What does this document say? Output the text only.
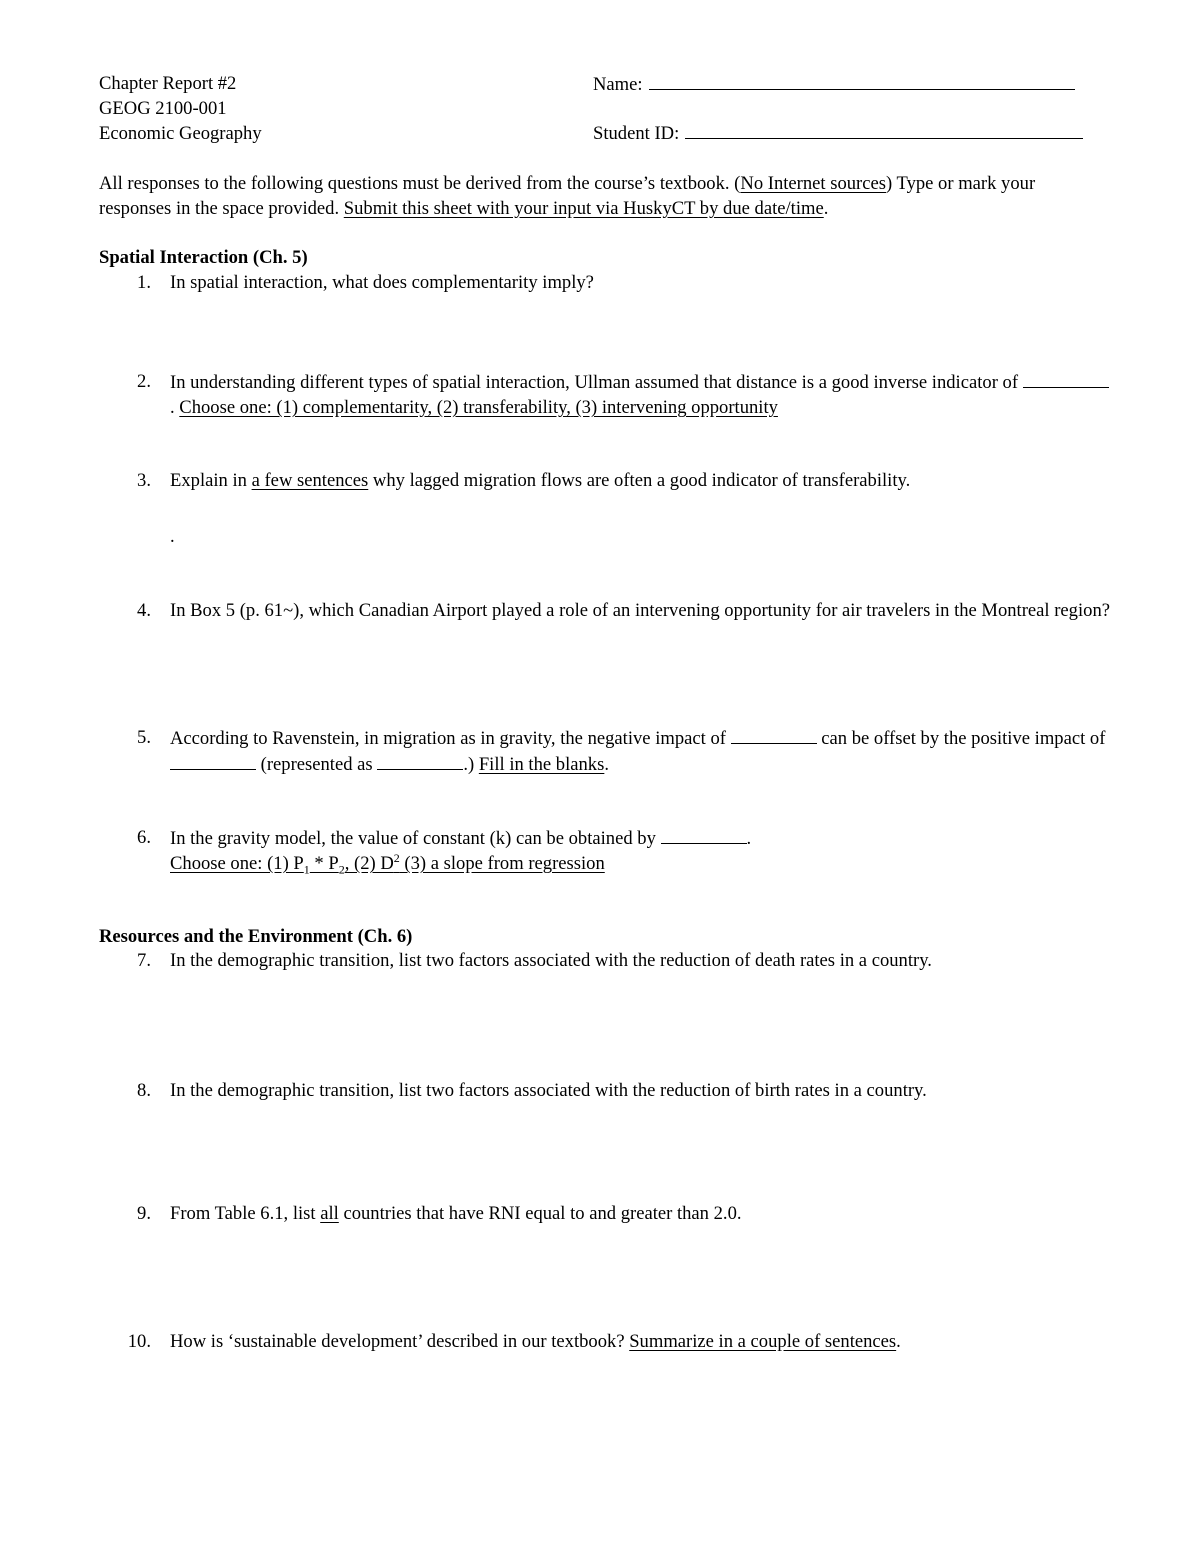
Chapter Report #2
GEOG 2100-001
Economic Geography
Name:
Student ID:
All responses to the following questions must be derived from the course’s textbook. (No Internet sources) Type or mark your responses in the space provided. Submit this sheet with your input via HuskyCT by due date/time.
Spatial Interaction (Ch. 5)
1. In spatial interaction, what does complementarity imply?
2. In understanding different types of spatial interaction, Ullman assumed that distance is a good inverse indicator of . Choose one: (1) complementarity, (2) transferability, (3) intervening opportunity
3. Explain in a few sentences why lagged migration flows are often a good indicator of transferability.
.
4. In Box 5 (p. 61~), which Canadian Airport played a role of an intervening opportunity for air travelers in the Montreal region?
5. According to Ravenstein, in migration as in gravity, the negative impact of	can be offset by the positive impact of  (represented as	.) Fill in the blanks.
6. In the gravity model, the value of constant (k) can be obtained by	.
Choose one: (1) $P_1 * P_2$, (2) $D^2$ (3) a slope from regression
Resources and the Environment (Ch. 6)
7. In the demographic transition, list two factors associated with the reduction of death rates in a country.
8. In the demographic transition, list two factors associated with the reduction of birth rates in a country.
9. From Table 6.1, list all countries that have RNI equal to and greater than 2.0.
10. How is ‘sustainable development’ described in our textbook? Summarize in a couple of sentences.
